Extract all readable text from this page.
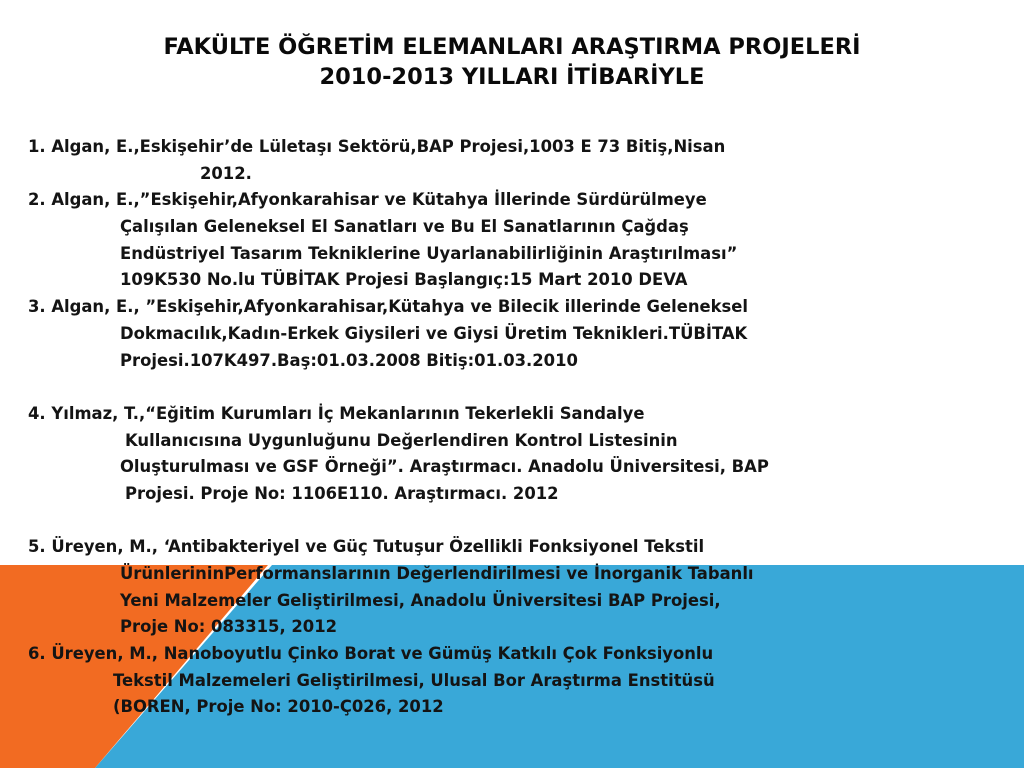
FAKÜLTE ÖĞRETİM ELEMANLARI ARAŞTIRMA PROJELERİ
2010-2013 YILLARI İTİBARİYLE
1. Algan, E.,Eskişehir’de Lületaşı Sektörü,BAP Projesi,1003 E 73 Bitiş,Nisan
2012.
2. Algan, E.,”Eskişehir,Afyonkarahisar ve Kütahya İllerinde Sürdürülmeye
Çalışılan Geleneksel El Sanatları ve Bu El Sanatlarının Çağdaş
Endüstriyel Tasarım Tekniklerine Uyarlanabilirliğinin Araştırılması”
109K530 No.lu TÜBİTAK Projesi Başlangıç:15 Mart 2010 DEVA
3. Algan, E., ”Eskişehir,Afyonkarahisar,Kütahya ve Bilecik illerinde Geleneksel
Dokmacılık,Kadın-Erkek Giysileri ve Giysi Üretim Teknikleri.TÜBİTAK
Projesi.107K497.Baş:01.03.2008 Bitiş:01.03.2010
4. Yılmaz, T.,“Eğitim Kurumları İç Mekanlarının Tekerlekli Sandalye
Kullanıcısına Uygunluğunu Değerlendiren Kontrol Listesinin
Oluşturulması ve GSF Örneği”. Araştırmacı. Anadolu Üniversitesi, BAP
Projesi. Proje No: 1106E110. Araştırmacı. 2012
5. Üreyen, M., ‘Antibakteriyel ve Güç Tutuşur Özellikli Fonksiyonel Tekstil
ÜrünlerininPerformanslarının Değerlendirilmesi ve İnorganik Tabanlı
Yeni Malzemeler Geliştirilmesi, Anadolu Üniversitesi BAP Projesi,
Proje No: 083315, 2012
6. Üreyen, M., Nanoboyutlu Çinko Borat ve Gümüş Katkılı Çok Fonksiyonlu
Tekstil Malzemeleri Geliştirilmesi, Ulusal Bor Araştırma Enstitüsü
(BOREN, Proje No: 2010-Ç026, 2012
